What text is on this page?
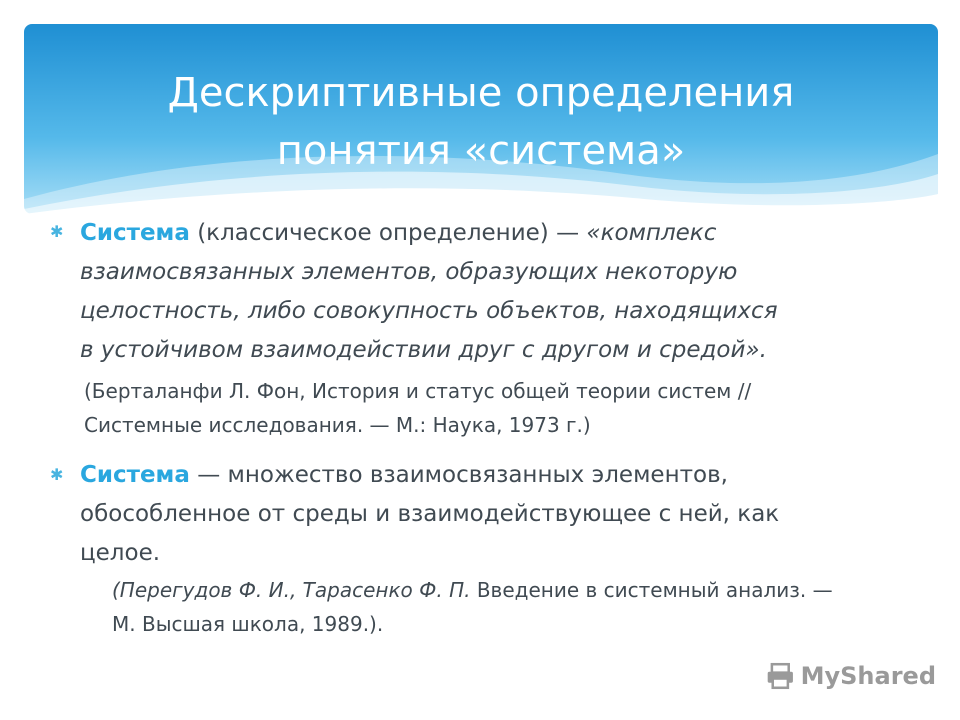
Дескриптивные определения
понятия «система»
✱ Система (классическое определение) — «комплекс
взаимосвязанных элементов, образующих некоторую
целостность, либо совокупность объектов, находящихся
в устойчивом взаимодействии друг с другом и средой».
(Берталанфи Л. Фон, История и статус общей теории систем //
Системные исследования. — М.: Наука, 1973 г.)
✱ Система — множество взаимосвязанных элементов,
обособленное от среды и взаимодействующее с ней, как
целое.
(Перегудов Ф. И., Тарасенко Ф. П. Введение в системный анализ. —
М. Высшая школа, 1989.).
MyShared
